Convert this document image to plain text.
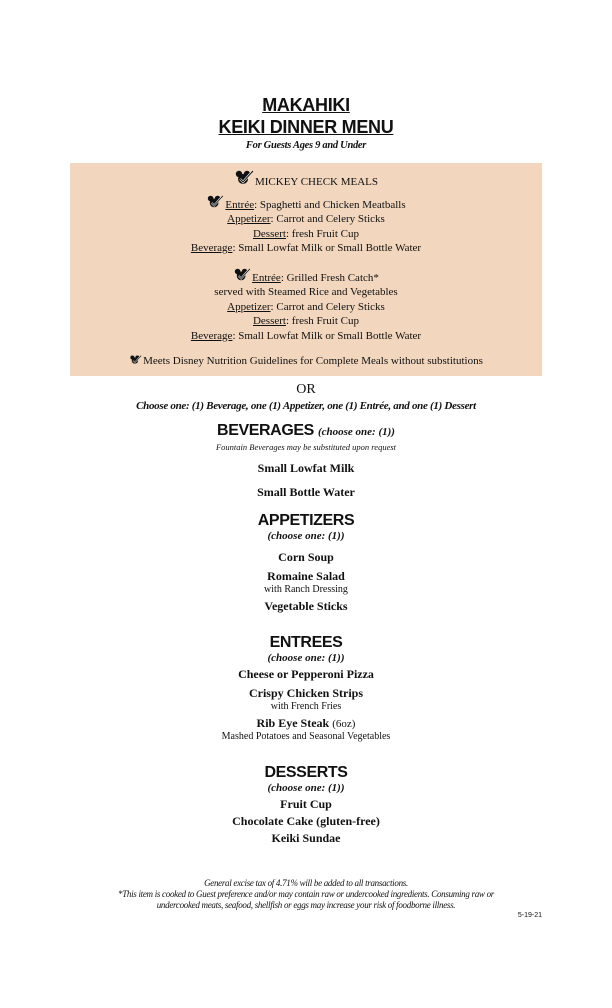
MAKAHIKI
KEIKI DINNER MENU
For Guests Ages 9 and Under
MICKEY CHECK MEALS
Entrée: Spaghetti and Chicken Meatballs
Appetizer: Carrot and Celery Sticks
Dessert: fresh Fruit Cup
Beverage: Small Lowfat Milk or Small Bottle Water
Entrée: Grilled Fresh Catch*
served with Steamed Rice and Vegetables
Appetizer: Carrot and Celery Sticks
Dessert: fresh Fruit Cup
Beverage: Small Lowfat Milk or Small Bottle Water
Meets Disney Nutrition Guidelines for Complete Meals without substitutions
OR
Choose one: (1) Beverage, one (1) Appetizer, one (1) Entrée, and one (1) Dessert
BEVERAGES (choose one: (1))
Fountain Beverages may be substituted upon request
Small Lowfat Milk
Small Bottle Water
APPETIZERS
(choose one: (1))
Corn Soup
Romaine Salad
with Ranch Dressing
Vegetable Sticks
ENTREES
(choose one: (1))
Cheese or Pepperoni Pizza
Crispy Chicken Strips
with French Fries
Rib Eye Steak (6oz)
Mashed Potatoes and Seasonal Vegetables
DESSERTS
(choose one: (1))
Fruit Cup
Chocolate Cake (gluten-free)
Keiki Sundae
General excise tax of 4.71% will be added to all transactions.
*This item is cooked to Guest preference and/or may contain raw or undercooked ingredients. Consuming raw or
undercooked meats, seafood, shellfish or eggs may increase your risk of foodborne illness.
5-19-21
